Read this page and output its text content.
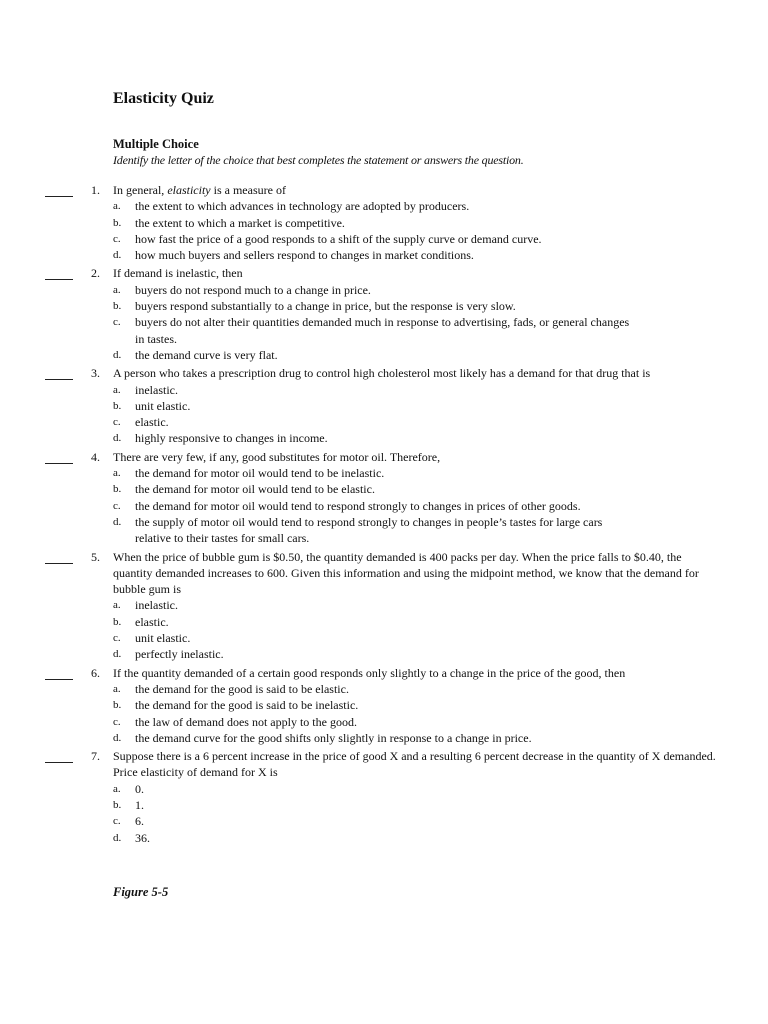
Elasticity Quiz
Multiple Choice
Identify the letter of the choice that best completes the statement or answers the question.
1. In general, elasticity is a measure of
a. the extent to which advances in technology are adopted by producers.
b. the extent to which a market is competitive.
c. how fast the price of a good responds to a shift of the supply curve or demand curve.
d. how much buyers and sellers respond to changes in market conditions.
2. If demand is inelastic, then
a. buyers do not respond much to a change in price.
b. buyers respond substantially to a change in price, but the response is very slow.
c. buyers do not alter their quantities demanded much in response to advertising, fads, or general changes in tastes.
d. the demand curve is very flat.
3. A person who takes a prescription drug to control high cholesterol most likely has a demand for that drug that is
a. inelastic.
b. unit elastic.
c. elastic.
d. highly responsive to changes in income.
4. There are very few, if any, good substitutes for motor oil. Therefore,
a. the demand for motor oil would tend to be inelastic.
b. the demand for motor oil would tend to be elastic.
c. the demand for motor oil would tend to respond strongly to changes in prices of other goods.
d. the supply of motor oil would tend to respond strongly to changes in people’s tastes for large cars relative to their tastes for small cars.
5. When the price of bubble gum is $0.50, the quantity demanded is 400 packs per day. When the price falls to $0.40, the quantity demanded increases to 600. Given this information and using the midpoint method, we know that the demand for bubble gum is
a. inelastic.
b. elastic.
c. unit elastic.
d. perfectly inelastic.
6. If the quantity demanded of a certain good responds only slightly to a change in the price of the good, then
a. the demand for the good is said to be elastic.
b. the demand for the good is said to be inelastic.
c. the law of demand does not apply to the good.
d. the demand curve for the good shifts only slightly in response to a change in price.
7. Suppose there is a 6 percent increase in the price of good X and a resulting 6 percent decrease in the quantity of X demanded. Price elasticity of demand for X is
a. 0.
b. 1.
c. 6.
d. 36.
Figure 5-5
